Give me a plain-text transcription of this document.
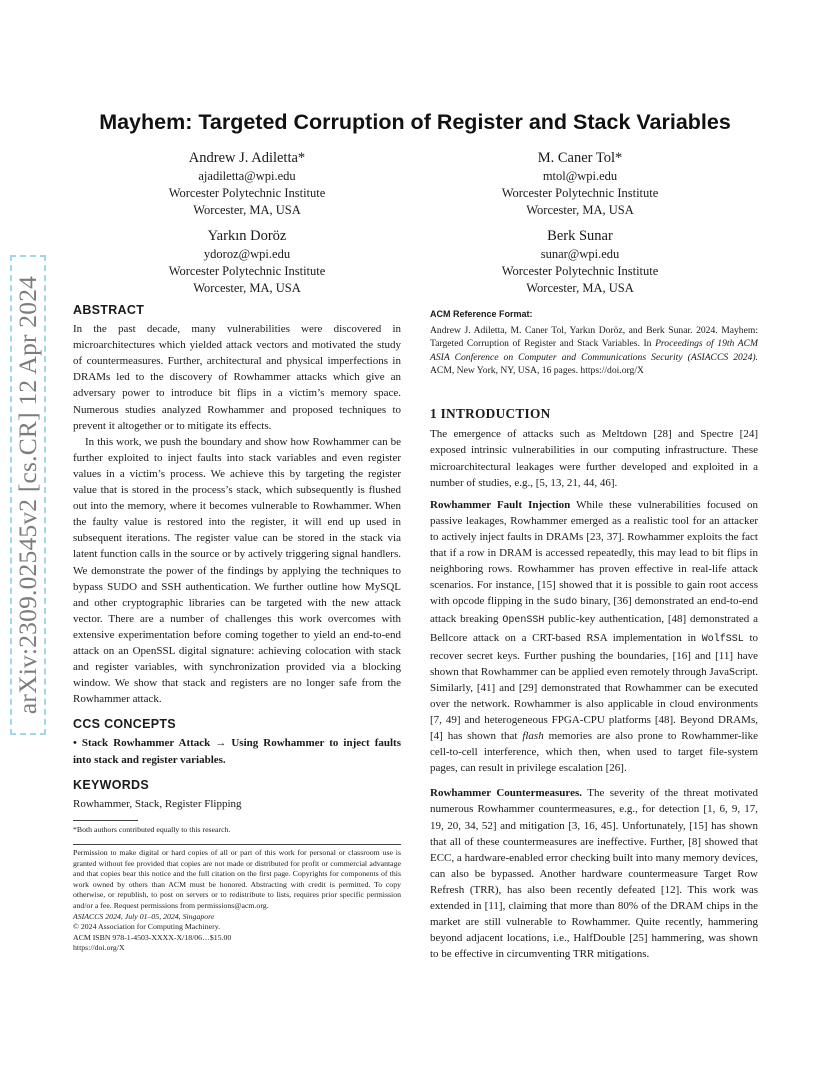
arXiv:2309.02545v2 [cs.CR] 12 Apr 2024
Mayhem: Targeted Corruption of Register and Stack Variables
Andrew J. Adiletta*
ajadiletta@wpi.edu
Worcester Polytechnic Institute
Worcester, MA, USA
M. Caner Tol*
mtol@wpi.edu
Worcester Polytechnic Institute
Worcester, MA, USA
Yarkın Doröz
ydoroz@wpi.edu
Worcester Polytechnic Institute
Worcester, MA, USA
Berk Sunar
sunar@wpi.edu
Worcester Polytechnic Institute
Worcester, MA, USA
ABSTRACT

In the past decade, many vulnerabilities were discovered in microarchitectures which yielded attack vectors and motivated the study of countermeasures. Further, architectural and physical imperfections in DRAMs led to the discovery of Rowhammer attacks which give an adversary power to introduce bit flips in a victim’s memory space. Numerous studies analyzed Rowhammer and proposed techniques to prevent it altogether or to mitigate its effects.

In this work, we push the boundary and show how Rowhammer can be further exploited to inject faults into stack variables and even register values in a victim’s process. We achieve this by targeting the register value that is stored in the process’s stack, which subsequently is flushed out into the memory, where it becomes vulnerable to Rowhammer. When the faulty value is restored into the register, it will end up used in subsequent iterations. The register value can be stored in the stack via latent function calls in the source or by actively triggering signal handlers. We demonstrate the power of the findings by applying the techniques to bypass SUDO and SSH authentication. We further outline how MySQL and other cryptographic libraries can be targeted with the new attack vector. There are a number of challenges this work overcomes with extensive experimentation before coming together to yield an end-to-end attack on an OpenSSL digital signature: achieving colocation with stack and register variables, with synchronization provided via a blocking window. We show that stack and registers are no longer safe from the Rowhammer attack.

CCS CONCEPTS

• Stack Rowhammer Attack → Using Rowhammer to inject faults into stack and register variables.

KEYWORDS

Rowhammer, Stack, Register Flipping

*Both authors contributed equally to this research.

Permission to make digital or hard copies of all or part of this work for personal or classroom use is granted without fee provided that copies are not made or distributed for profit or commercial advantage and that copies bear this notice and the full citation on the first page. Copyrights for components of this work owned by others than ACM must be honored. Abstracting with credit is permitted. To copy otherwise, or republish, to post on servers or to redistribute to lists, requires prior specific permission and/or a fee. Request permissions from permissions@acm.org.

ASIACCS 2024, July 01–05, 2024, Singapore

© 2024 Association for Computing Machinery.

ACM ISBN 978-1-4503-XXXX-X/18/06…$15.00

https://doi.org/X

ACM Reference Format:

Andrew J. Adiletta, M. Caner Tol, Yarkın Doröz, and Berk Sunar. 2024. Mayhem: Targeted Corruption of Register and Stack Variables. In Proceedings of 19th ACM ASIA Conference on Computer and Communications Security (ASIACCS 2024). ACM, New York, NY, USA, 16 pages. https://doi.org/X

1 INTRODUCTION

The emergence of attacks such as Meltdown [28] and Spectre [24] exposed intrinsic vulnerabilities in our computing infrastructure. These microarchitectural leakages were further developed and exploited in a number of studies, e.g., [5, 13, 21, 44, 46].

Rowhammer Fault Injection While these vulnerabilities focused on passive leakages, Rowhammer emerged as a realistic tool for an attacker to actively inject faults in DRAMs [23, 37]. Rowhammer exploits the fact that if a row in DRAM is accessed repeatedly, this may lead to bit flips in neighboring rows. Rowhammer has proven effective in real-life attack scenarios. For instance, [15] showed that it is possible to gain root access with opcode flipping in the sudo binary, [36] demonstrated an end-to-end attack breaking OpenSSH public-key authentication, [48] demonstrated a Bellcore attack on a CRT-based RSA implementation in WolfSSL to recover secret keys. Further pushing the boundaries, [16] and [11] have shown that Rowhammer can be applied even remotely through JavaScript. Similarly, [41] and [29] demonstrated that Rowhammer can be executed over the network. Rowhammer is also applicable in cloud environments [7, 49] and heterogeneous FPGA-CPU platforms [48]. Beyond DRAMs, [4] has shown that flash memories are also prone to Rowhammer-like cell-to-cell interference, which then, when used to target file-system pages, can result in privilege escalation [26].

Rowhammer Countermeasures. The severity of the threat motivated numerous Rowhammer countermeasures, e.g., for detection [1, 6, 9, 17, 19, 20, 34, 52] and mitigation [3, 16, 45]. Unfortunately, [15] has shown that all of these countermeasures are ineffective. Further, [8] showed that ECC, a hardware-enabled error checking built into many memory devices, can also be bypassed. Another hardware countermeasure Target Row Refresh (TRR), has also been recently defeated [12]. This work was extended in [11], claiming that more than 80% of the DRAM chips in the market are still vulnerable to Rowhammer. Quite recently, hammering beyond adjacent locations, i.e., HalfDouble [25] hammering, was shown to be effective in circumventing TRR mitigations.
